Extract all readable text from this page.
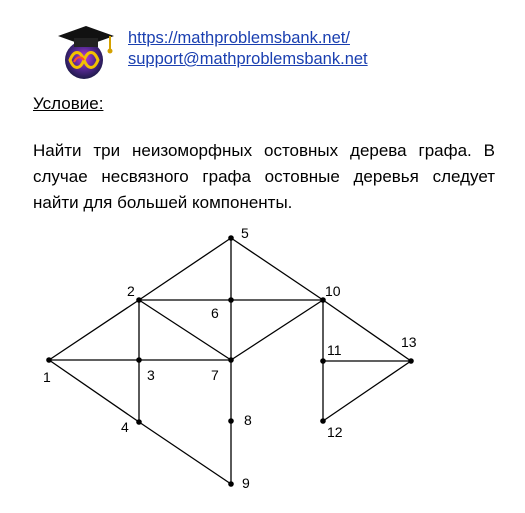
https://mathproblemsbank.net/
support@mathproblemsbank.net
Условие:
Найти три неизоморфных остовных дерева графа. В случае несвязного графа остовные деревья следует найти для большей компоненты.
1
2
3
4
5
6
7
8
9
10
11
12
13
